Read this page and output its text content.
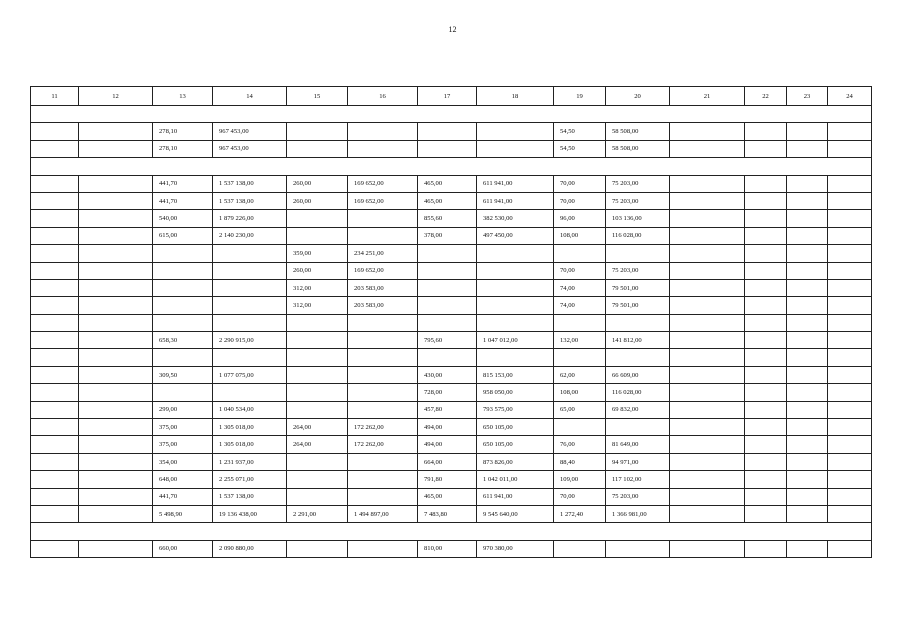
12
11	12	13	14	15	16	17	18	19	20	21	22	23	24

		278,10	967 453,00					54,50	58 508,00				
		278,10	967 453,00					54,50	58 508,00				

		441,70	1 537 138,00	260,00	169 652,00	465,00	611 941,00	70,00	75 203,00				
		441,70	1 537 138,00	260,00	169 652,00	465,00	611 941,00	70,00	75 203,00				
		540,00	1 879 226,00			855,60	382 530,00	96,00	103 136,00				
		615,00	2 140 230,00			378,00	497 450,00	108,00	116 028,00				
				359,00	234 251,00								
				260,00	169 652,00			70,00	75 203,00				
				312,00	203 583,00			74,00	79 501,00				
				312,00	203 583,00			74,00	79 501,00				

		658,30	2 290 915,00			795,60	1 047 012,00	132,00	141 812,00				

		309,50	1 077 075,00			430,00	815 153,00	62,00	66 609,00				
						728,00	958 050,00	108,00	116 028,00				
		299,00	1 040 534,00			457,80	793 575,00	65,00	69 832,00				
		375,00	1 305 018,00	264,00	172 262,00	494,00	650 105,00						
		375,00	1 305 018,00	264,00	172 262,00	494,00	650 105,00	76,00	81 649,00				
		354,00	1 231 937,00			664,00	873 826,00	88,40	94 971,00				
		648,00	2 255 071,00			791,80	1 042 011,00	109,00	117 102,00				
		441,70	1 537 138,00			465,00	611 941,00	70,00	75 203,00				
		5 498,90	19 136 438,00	2 291,00	1 494 897,00	7 483,80	9 545 640,00	1 272,40	1 366 981,00				

		660,00	2 090 880,00			810,00	970 380,00						
